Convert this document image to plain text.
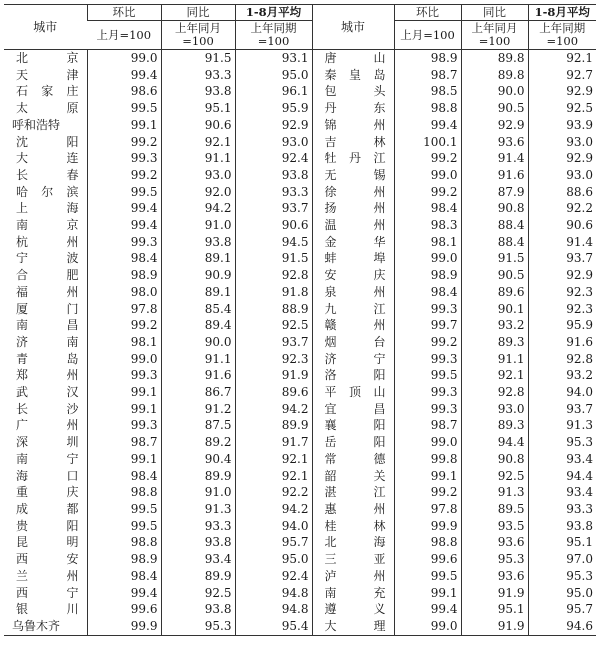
城市	环比	同比	1-8月平均	城市	环比	同比	1-8月平均
	上月=100	上年同月=100	上年同期=100		上月=100	上年同月=100	上年同期=100
北 京	99.0	91.5	93.1	唐 山	98.9	89.8	92.1
天 津	99.4	93.3	95.0	秦 皇 岛	98.7	89.8	92.7
石 家 庄	98.6	93.8	96.1	包 头	98.5	90.0	92.9
太 原	99.5	95.1	95.9	丹 东	98.8	90.5	92.5
呼和浩特	99.1	90.6	92.9	锦 州	99.4	92.9	93.9
沈 阳	99.2	92.1	93.0	吉 林	100.1	93.6	93.0
大 连	99.3	91.1	92.4	牡 丹 江	99.2	91.4	92.9
长 春	99.2	93.0	93.8	无 锡	99.0	91.6	93.0
哈 尔 滨	99.5	92.0	93.3	徐 州	99.2	87.9	88.6
上 海	99.4	94.2	93.7	扬 州	98.4	90.8	92.2
南 京	99.4	91.0	90.6	温 州	98.3	88.4	90.6
杭 州	99.3	93.8	94.5	金 华	98.1	88.4	91.4
宁 波	98.4	89.1	91.5	蚌 埠	99.0	91.5	93.7
合 肥	98.9	90.9	92.8	安 庆	98.9	90.5	92.9
福 州	98.0	89.1	91.8	泉 州	98.4	89.6	92.3
厦 门	97.8	85.4	88.9	九 江	99.3	90.1	92.3
南 昌	99.2	89.4	92.5	赣 州	99.7	93.2	95.9
济 南	98.1	90.0	93.7	烟 台	99.2	89.3	91.6
青 岛	99.0	91.1	92.3	济 宁	99.3	91.1	92.8
郑 州	99.3	91.6	91.9	洛 阳	99.5	92.1	93.2
武 汉	99.1	86.7	89.6	平 顶 山	99.3	92.8	94.0
长 沙	99.1	91.2	94.2	宜 昌	99.3	93.0	93.7
广 州	99.3	87.5	89.9	襄 阳	98.7	89.3	91.3
深 圳	98.7	89.2	91.7	岳 阳	99.0	94.4	95.3
南 宁	99.1	90.4	92.1	常 德	99.8	90.8	93.4
海 口	98.4	89.9	92.1	韶 关	99.1	92.5	94.4
重 庆	98.8	91.0	92.2	湛 江	99.2	91.3	93.4
成 都	99.5	91.3	94.2	惠 州	97.8	89.5	93.3
贵 阳	99.5	93.3	94.0	桂 林	99.9	93.5	93.8
昆 明	98.8	93.8	95.7	北 海	98.8	93.6	95.1
西 安	98.9	93.4	95.0	三 亚	99.6	95.3	97.0
兰 州	98.4	89.9	92.4	泸 州	99.5	93.6	95.3
西 宁	99.4	92.5	94.8	南 充	99.1	91.9	95.0
银 川	99.6	93.8	94.8	遵 义	99.4	95.1	95.7
乌鲁木齐	99.9	95.3	95.4	大 理	99.0	91.9	94.6
